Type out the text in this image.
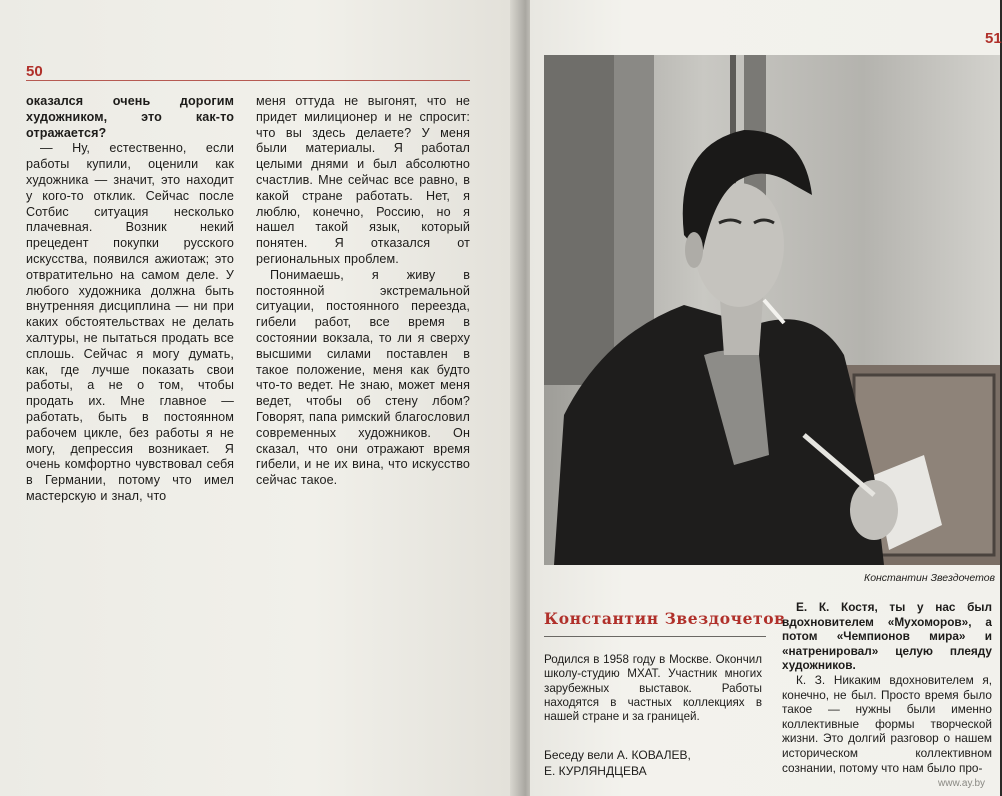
50

оказался очень дорогим художником, это как-то отражается?

— Ну, естественно, если работы купили, оценили как художника — значит, это находит у кого-то отклик. Сейчас после Сотбис ситуация несколько плачевная. Возник некий прецедент покупки русского искусства, появился ажиотаж; это отвратительно на самом деле. У любого художника должна быть внутренняя дисциплина — ни при каких обстоятельствах не делать халтуры, не пытаться продать все сплошь. Сейчас я могу думать, как, где лучше показать свои работы, а не о том, чтобы продать их. Мне главное — работать, быть в постоянном рабочем цикле, без работы я не могу, депрессия возникает. Я очень комфортно чувствовал себя в Германии, потому что имел мастерскую и знал, что

меня оттуда не выгонят, что не придет милиционер и не спросит: что вы здесь делаете? У меня были материалы. Я работал целыми днями и был абсолютно счастлив. Мне сейчас все равно, в какой стране работать. Нет, я люблю, конечно, Россию, но я нашел такой язык, который понятен. Я отказался от региональных проблем.

Понимаешь, я живу в постоянной экстремальной ситуации, постоянного переезда, гибели работ, все время в состоянии вокзала, то ли я сверху высшими силами поставлен в такое положение, меня как будто что-то ведет. Не знаю, может меня ведет, чтобы об стену лбом? Говорят, папа римский благословил современных художников. Он сказал, что они отражают время гибели, и не их вина, что искусство сейчас такое.

51
Константин Звездочетов
Константин Звездочетов
Родился в 1958 году в Москве. Окончил школу-студию МХАТ. Участник многих зарубежных выставок. Работы находятся в частных коллекциях в нашей стране и за границей.

Беседу вели А. КОВАЛЕВ,

Е. КУРЛЯНДЦЕВА

Е. К. Костя, ты у нас был вдохновителем «Мухоморов», а потом «Чемпионов мира» и «натренировал» целую плеяду художников.

К. З. Никаким вдохновителем я, конечно, не был. Просто время было такое — нужны были именно коллективные формы творческой жизни. Это долгий разговор о нашем историческом коллективном сознании, потому что нам было про-

www.ay.by
